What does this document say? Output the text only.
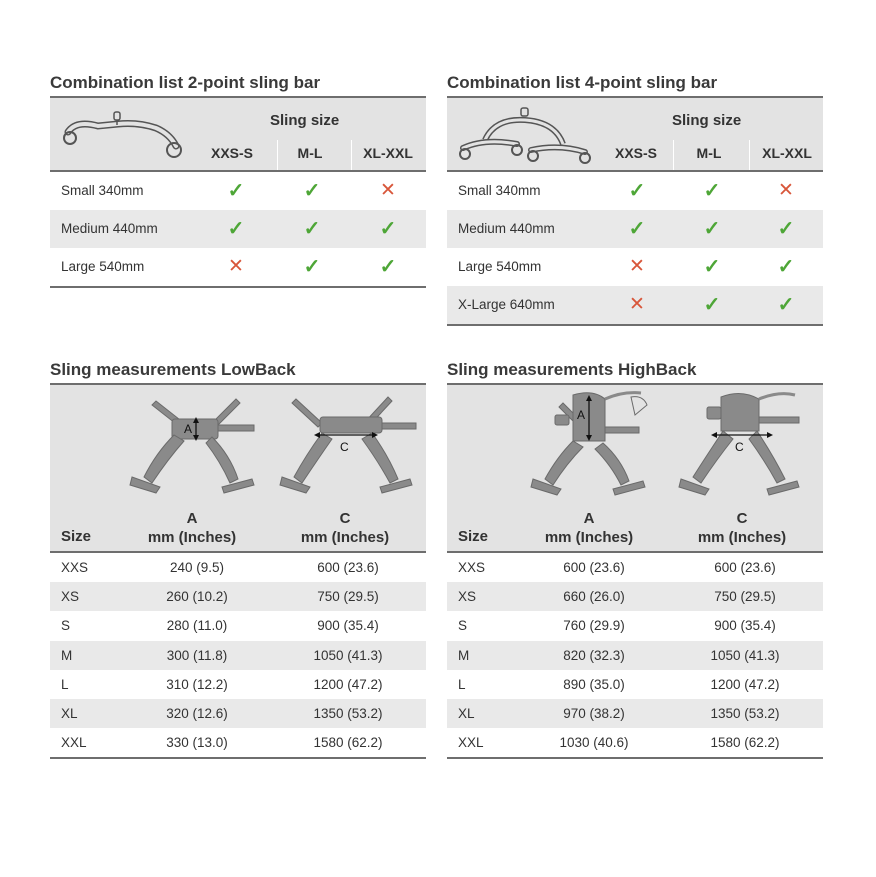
Combination list 2-point sling bar
Sling size
XXS-S	M-L	XL-XXL
Small 340mm	✓	✓	✕
Medium 440mm	✓	✓	✓
Large 540mm	✕	✓	✓
Combination list 4-point sling bar
Sling size
XXS-S	M-L	XL-XXL
Small 340mm	✓	✓	✕
Medium 440mm	✓	✓	✓
Large 540mm	✕	✓	✓
X-Large 640mm	✕	✓	✓
Sling measurements LowBack
A
C
Size
A
mm (Inches)
C
mm (Inches)
XXS	240 (9.5)	600 (23.6)
XS	260 (10.2)	750 (29.5)
S	280 (11.0)	900 (35.4)
M	300 (11.8)	1050 (41.3)
L	310 (12.2)	1200 (47.2)
XL	320 (12.6)	1350 (53.2)
XXL	330 (13.0)	1580 (62.2)
Sling measurements HighBack
A
C
Size
A
mm (Inches)
C
mm (Inches)
XXS	600 (23.6)	600 (23.6)
XS	660 (26.0)	750 (29.5)
S	760 (29.9)	900 (35.4)
M	820 (32.3)	1050 (41.3)
L	890 (35.0)	1200 (47.2)
XL	970 (38.2)	1350 (53.2)
XXL	1030 (40.6)	1580 (62.2)
